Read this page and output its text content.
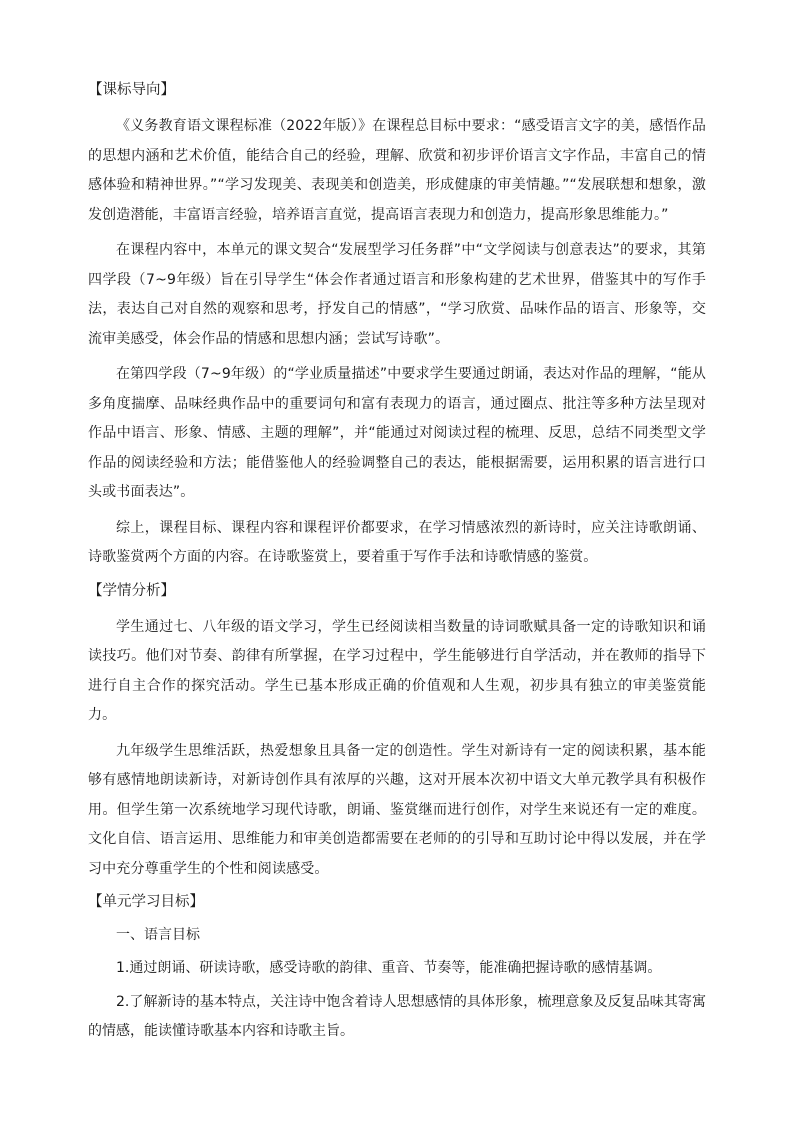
【课标导向】

《义务教育语文课程标准（2022年版）》在课程总目标中要求：“感受语言文字的美，感悟作品的思想内涵和艺术价值，能结合自己的经验，理解、欣赏和初步评价语言文字作品，丰富自己的情感体验和精神世界。”“学习发现美、表现美和创造美，形成健康的审美情趣。”“发展联想和想象，激发创造潜能，丰富语言经验，培养语言直觉，提高语言表现力和创造力，提高形象思维能力。”

在课程内容中，本单元的课文契合“发展型学习任务群”中“文学阅读与创意表达”的要求，其第四学段（7~9年级）旨在引导学生“体会作者通过语言和形象构建的艺术世界，借鉴其中的写作手法，表达自己对自然的观察和思考，抒发自己的情感”，“学习欣赏、品味作品的语言、形象等，交流审美感受，体会作品的情感和思想内涵；尝试写诗歌”。

在第四学段（7~9年级）的“学业质量描述”中要求学生要通过朗诵，表达对作品的理解，“能从多角度揣摩、品味经典作品中的重要词句和富有表现力的语言，通过圈点、批注等多种方法呈现对作品中语言、形象、情感、主题的理解”，并“能通过对阅读过程的梳理、反思，总结不同类型文学作品的阅读经验和方法；能借鉴他人的经验调整自己的表达，能根据需要，运用积累的语言进行口头或书面表达”。

综上，课程目标、课程内容和课程评价都要求，在学习情感浓烈的新诗时，应关注诗歌朗诵、诗歌鉴赏两个方面的内容。在诗歌鉴赏上，要着重于写作手法和诗歌情感的鉴赏。

【学情分析】

学生通过七、八年级的语文学习，学生已经阅读相当数量的诗词歌赋具备一定的诗歌知识和诵读技巧。他们对节奏、韵律有所掌握，在学习过程中，学生能够进行自学活动，并在教师的指导下进行自主合作的探究活动。学生已基本形成正确的价值观和人生观，初步具有独立的审美鉴赏能力。

九年级学生思维活跃，热爱想象且具备一定的创造性。学生对新诗有一定的阅读积累，基本能够有感情地朗读新诗，对新诗创作具有浓厚的兴趣，这对开展本次初中语文大单元教学具有积极作用。但学生第一次系统地学习现代诗歌，朗诵、鉴赏继而进行创作，对学生来说还有一定的难度。文化自信、语言运用、思维能力和审美创造都需要在老师的的引导和互助讨论中得以发展，并在学习中充分尊重学生的个性和阅读感受。

【单元学习目标】
一、语言目标

1.通过朗诵、研读诗歌，感受诗歌的韵律、重音、节奏等，能准确把握诗歌的感情基调。

2.了解新诗的基本特点，关注诗中饱含着诗人思想感情的具体形象，梳理意象及反复品味其寄寓的情感，能读懂诗歌基本内容和诗歌主旨。
